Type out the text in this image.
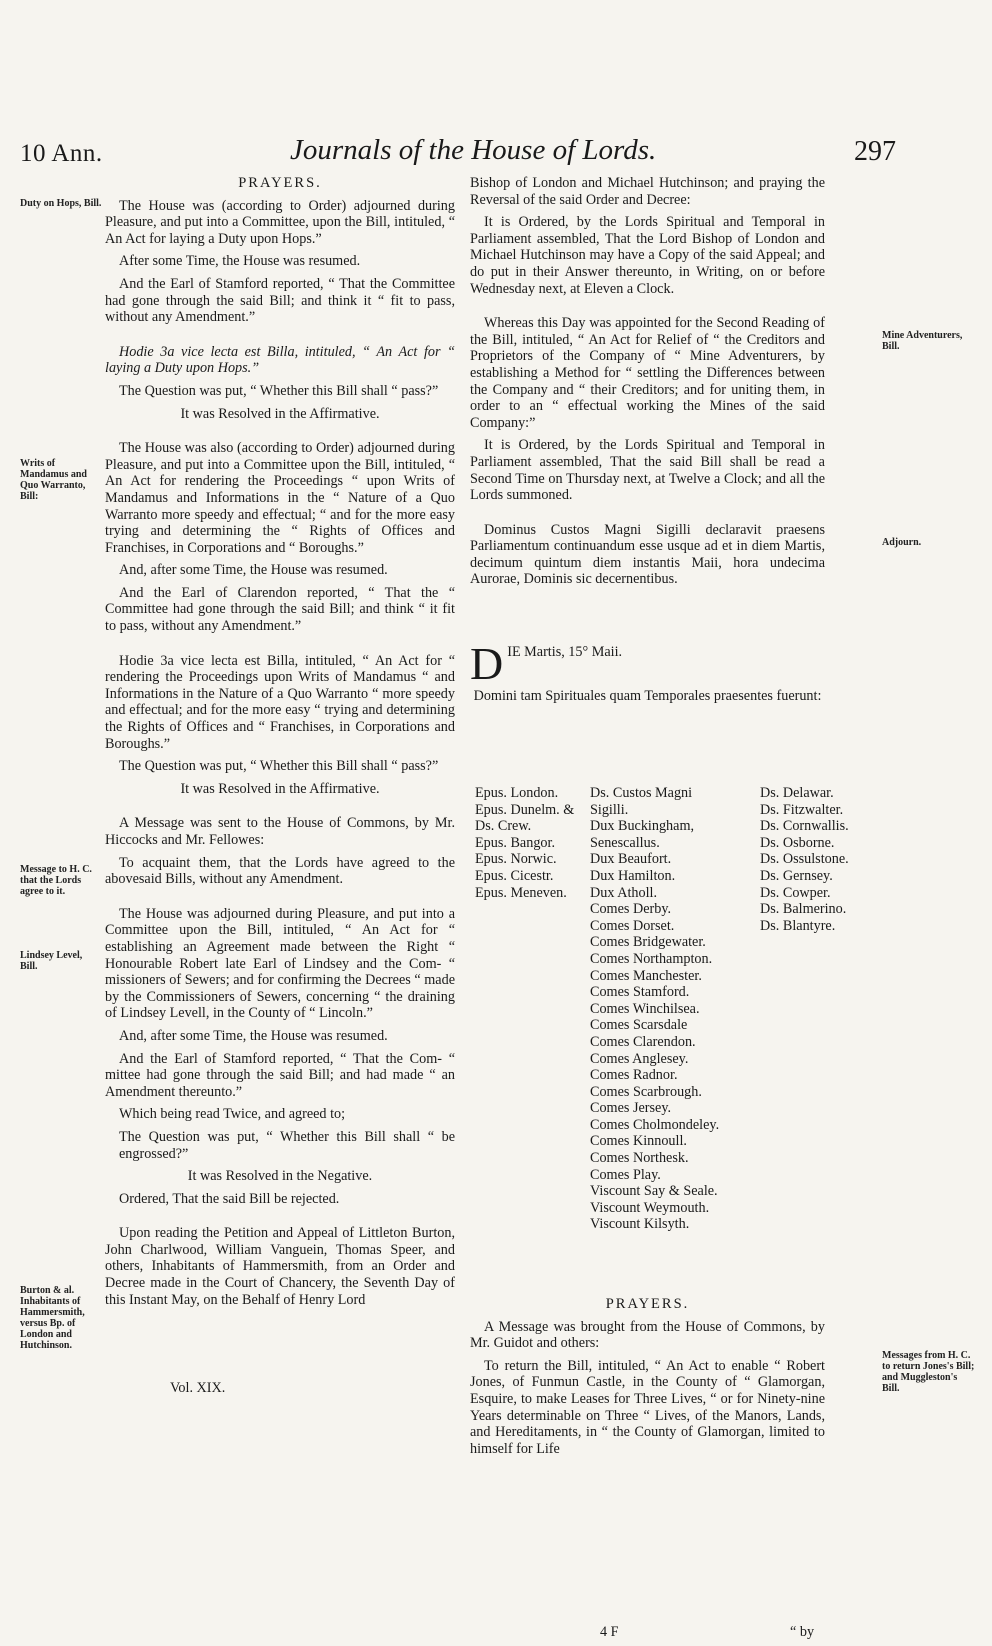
10 Ann.	Journals of the House of Lords.	297
Duty on Hops, Bill.
Writs of Mandamus and Quo Warranto, Bill:
Message to H. C. that the Lords agree to it.
Lindsey Level, Bill.
Burton & al. Inhabitants of Hammersmith, versus Bp. of London and Hutchinson.
Mine Adventurers, Bill.
Adjourn.
Messages from H. C. to return Jones's Bill; and Muggleston's Bill.
PRAYERS.

The House was (according to Order) adjourned during Pleasure, and put into a Committee, upon the Bill, intituled, “ An Act for laying a Duty upon Hops.”

After some Time, the House was resumed.

And the Earl of Stamford reported, “ That the Committee had gone through the said Bill; and think it “ fit to pass, without any Amendment.”

Hodie 3a vice lecta est Billa, intituled, “ An Act for “ laying a Duty upon Hops.”

The Question was put, “ Whether this Bill shall “ pass?”

It was Resolved in the Affirmative.

The House was also (according to Order) adjourned during Pleasure, and put into a Committee upon the Bill, intituled, “ An Act for rendering the Proceedings “ upon Writs of Mandamus and Informations in the “ Nature of a Quo Warranto more speedy and effectual; “ and for the more easy trying and determining the “ Rights of Offices and Franchises, in Corporations and “ Boroughs.”

And, after some Time, the House was resumed.

And the Earl of Clarendon reported, “ That the “ Committee had gone through the said Bill; and think “ it fit to pass, without any Amendment.”

Hodie 3a vice lecta est Billa, intituled, “ An Act for “ rendering the Proceedings upon Writs of Mandamus “ and Informations in the Nature of a Quo Warranto “ more speedy and effectual; and for the more easy “ trying and determining the Rights of Offices and “ Franchises, in Corporations and Boroughs.”

The Question was put, “ Whether this Bill shall “ pass?”

It was Resolved in the Affirmative.

A Message was sent to the House of Commons, by Mr. Hiccocks and Mr. Fellowes:

To acquaint them, that the Lords have agreed to the abovesaid Bills, without any Amendment.

The House was adjourned during Pleasure, and put into a Committee upon the Bill, intituled, “ An Act for “ establishing an Agreement made between the Right “ Honourable Robert late Earl of Lindsey and the Com- “ missioners of Sewers; and for confirming the Decrees “ made by the Commissioners of Sewers, concerning “ the draining of Lindsey Levell, in the County of “ Lincoln.”

And, after some Time, the House was resumed.

And the Earl of Stamford reported, “ That the Com- “ mittee had gone through the said Bill; and had made “ an Amendment thereunto.”

Which being read Twice, and agreed to;

The Question was put, “ Whether this Bill shall “ be engrossed?”

It was Resolved in the Negative.

Ordered, That the said Bill be rejected.

Upon reading the Petition and Appeal of Littleton Burton, John Charlwood, William Vanguein, Thomas Speer, and others, Inhabitants of Hammersmith, from an Order and Decree made in the Court of Chancery, the Seventh Day of this Instant May, on the Behalf of Henry Lord

Vol. XIX.

Bishop of London and Michael Hutchinson; and praying the Reversal of the said Order and Decree:

It is Ordered, by the Lords Spiritual and Temporal in Parliament assembled, That the Lord Bishop of London and Michael Hutchinson may have a Copy of the said Appeal; and do put in their Answer thereunto, in Writing, on or before Wednesday next, at Eleven a Clock.

Whereas this Day was appointed for the Second Reading of the Bill, intituled, “ An Act for Relief of “ the Creditors and Proprietors of the Company of “ Mine Adventurers, by establishing a Method for “ settling the Differences between the Company and “ their Creditors; and for uniting them, in order to an “ effectual working the Mines of the said Company:”

It is Ordered, by the Lords Spiritual and Temporal in Parliament assembled, That the said Bill shall be read a Second Time on Thursday next, at Twelve a Clock; and all the Lords summoned.

Dominus Custos Magni Sigilli declaravit praesens Parliamentum continuandum esse usque ad et in diem Martis, decimum quintum diem instantis Maii, hora undecima Aurorae, Dominis sic decernentibus.

D IE Martis, 15° Maii.

Domini tam Spirituales quam Temporales praesentes fuerunt:

Epus. London.
Epus. Dunelm. &
Ds. Crew.
Epus. Bangor.
Epus. Norwic.
Epus. Cicestr.
Epus. Meneven.
Ds. Custos Magni
Sigilli.
Dux Buckingham,
Senescallus.
Dux Beaufort.
Dux Hamilton.
Dux Atholl.
Comes Derby.
Comes Dorset.
Comes Bridgewater.
Comes Northampton.
Comes Manchester.
Comes Stamford.
Comes Winchilsea.
Comes Scarsdale
Comes Clarendon.
Comes Anglesey.
Comes Radnor.
Comes Scarbrough.
Comes Jersey.
Comes Cholmondeley.
Comes Kinnoull.
Comes Northesk.
Comes Play.
Viscount Say & Seale.
Viscount Weymouth.
Viscount Kilsyth.
Ds. Delawar.
Ds. Fitzwalter.
Ds. Cornwallis.
Ds. Osborne.
Ds. Ossulstone.
Ds. Gernsey.
Ds. Cowper.
Ds. Balmerino.
Ds. Blantyre.
PRAYERS.

A Message was brought from the House of Commons, by Mr. Guidot and others:

To return the Bill, intituled, “ An Act to enable “ Robert Jones, of Funmun Castle, in the County of “ Glamorgan, Esquire, to make Leases for Three Lives, “ or for Ninety-nine Years determinable on Three “ Lives, of the Manors, Lands, and Hereditaments, in “ the County of Glamorgan, limited to himself for Life

4 F	“ by
